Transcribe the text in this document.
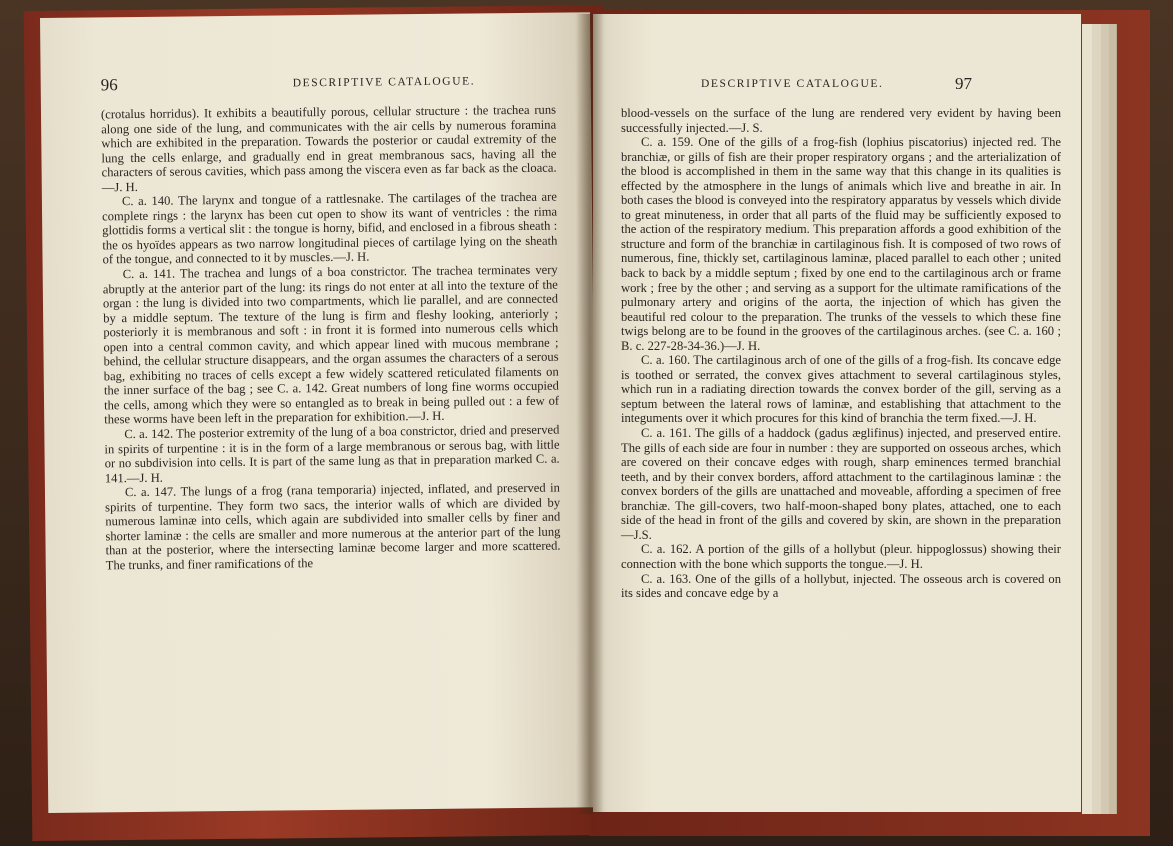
96	DESCRIPTIVE CATALOGUE.

(crotalus horridus). It exhibits a beautifully porous, cellular structure : the trachea runs along one side of the lung, and communicates with the air cells by numerous foramina which are exhibited in the preparation. Towards the posterior or caudal extremity of the lung the cells enlarge, and gradually end in great membranous sacs, having all the characters of serous cavities, which pass among the viscera even as far back as the cloaca.—J. H.

C. a. 140. The larynx and tongue of a rattlesnake. The cartilages of the trachea are complete rings : the larynx has been cut open to show its want of ventricles : the rima glottidis forms a vertical slit : the tongue is horny, bifid, and enclosed in a fibrous sheath : the os hyoïdes appears as two narrow longitudinal pieces of cartilage lying on the sheath of the tongue, and connected to it by muscles.—J. H.

C. a. 141. The trachea and lungs of a boa constrictor. The trachea terminates very abruptly at the anterior part of the lung: its rings do not enter at all into the texture of the organ : the lung is divided into two compartments, which lie parallel, and are connected by a middle septum. The texture of the lung is firm and fleshy looking, anteriorly ; posteriorly it is membranous and soft : in front it is formed into numerous cells which open into a central common cavity, and which appear lined with mucous membrane ; behind, the cellular structure disappears, and the organ assumes the characters of a serous bag, exhibiting no traces of cells except a few widely scattered reticulated filaments on the inner surface of the bag ; see C. a. 142. Great numbers of long fine worms occupied the cells, among which they were so entangled as to break in being pulled out : a few of these worms have been left in the preparation for exhibition.—J. H.

C. a. 142. The posterior extremity of the lung of a boa constrictor, dried and preserved in spirits of turpentine : it is in the form of a large membranous or serous bag, with little or no subdivision into cells. It is part of the same lung as that in preparation marked C. a. 141.—J. H.

C. a. 147. The lungs of a frog (rana temporaria) injected, inflated, and preserved in spirits of turpentine. They form two sacs, the interior walls of which are divided by numerous laminæ into cells, which again are subdivided into smaller cells by finer and shorter laminæ : the cells are smaller and more numerous at the anterior part of the lung than at the posterior, where the intersecting laminæ become larger and more scattered. The trunks, and finer ramifications of the

DESCRIPTIVE CATALOGUE.	97

blood-vessels on the surface of the lung are rendered very evident by having been successfully injected.—J. S.

C. a. 159. One of the gills of a frog-fish (lophius piscatorius) injected red. The branchiæ, or gills of fish are their proper respiratory organs ; and the arterialization of the blood is accomplished in them in the same way that this change in its qualities is effected by the atmosphere in the lungs of animals which live and breathe in air. In both cases the blood is conveyed into the respiratory apparatus by vessels which divide to great minuteness, in order that all parts of the fluid may be sufficiently exposed to the action of the respiratory medium. This preparation affords a good exhibition of the structure and form of the branchiæ in cartilaginous fish. It is composed of two rows of numerous, fine, thickly set, cartilaginous laminæ, placed parallel to each other ; united back to back by a middle septum ; fixed by one end to the cartilaginous arch or frame work ; free by the other ; and serving as a support for the ultimate ramifications of the pulmonary artery and origins of the aorta, the injection of which has given the beautiful red colour to the preparation. The trunks of the vessels to which these fine twigs belong are to be found in the grooves of the cartilaginous arches. (see C. a. 160 ; B. c. 227-28-34-36.)—J. H.

C. a. 160. The cartilaginous arch of one of the gills of a frog-fish. Its concave edge is toothed or serrated, the convex gives attachment to several cartilaginous styles, which run in a radiating direction towards the convex border of the gill, serving as a septum between the lateral rows of laminæ, and establishing that attachment to the integuments over it which procures for this kind of branchia the term fixed.—J. H.

C. a. 161. The gills of a haddock (gadus æglifinus) injected, and preserved entire. The gills of each side are four in number : they are supported on osseous arches, which are covered on their concave edges with rough, sharp eminences termed branchial teeth, and by their convex borders, afford attachment to the cartilaginous laminæ : the convex borders of the gills are unattached and moveable, affording a specimen of free branchiæ. The gill-covers, two half-moon-shaped bony plates, attached, one to each side of the head in front of the gills and covered by skin, are shown in the preparation—J.S.

C. a. 162. A portion of the gills of a hollybut (pleur. hippoglossus) showing their connection with the bone which supports the tongue.—J. H.

C. a. 163. One of the gills of a hollybut, injected. The osseous arch is covered on its sides and concave edge by a
